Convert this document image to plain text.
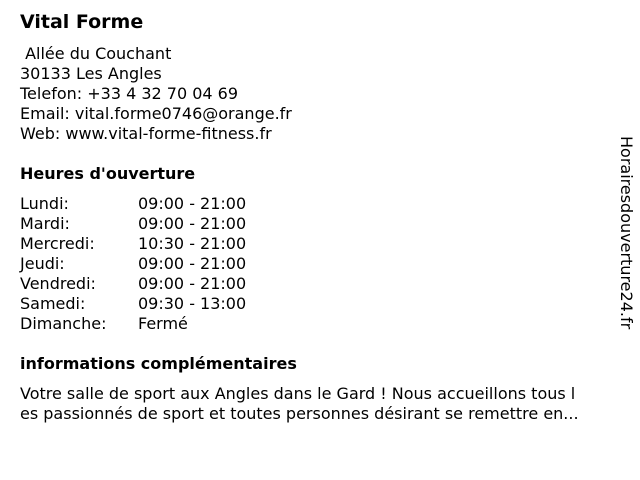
Vital Forme
Allée du Couchant
30133 Les Angles
Telefon: +33 4 32 70 04 69
Email: vital.forme0746@orange.fr
Web: www.vital-forme-fitness.fr
Heures d'ouverture
Lundi:	09:00 - 21:00
Mardi:	09:00 - 21:00
Mercredi:	10:30 - 21:00
Jeudi:	09:00 - 21:00
Vendredi:	09:00 - 21:00
Samedi:	09:30 - 13:00
Dimanche: Fermé
informations complémentaires
Votre salle de sport aux Angles dans le Gard ! Nous accueillons tous l
es passionnés de sport et toutes personnes désirant se remettre en...
Horairesdouverture24.fr
